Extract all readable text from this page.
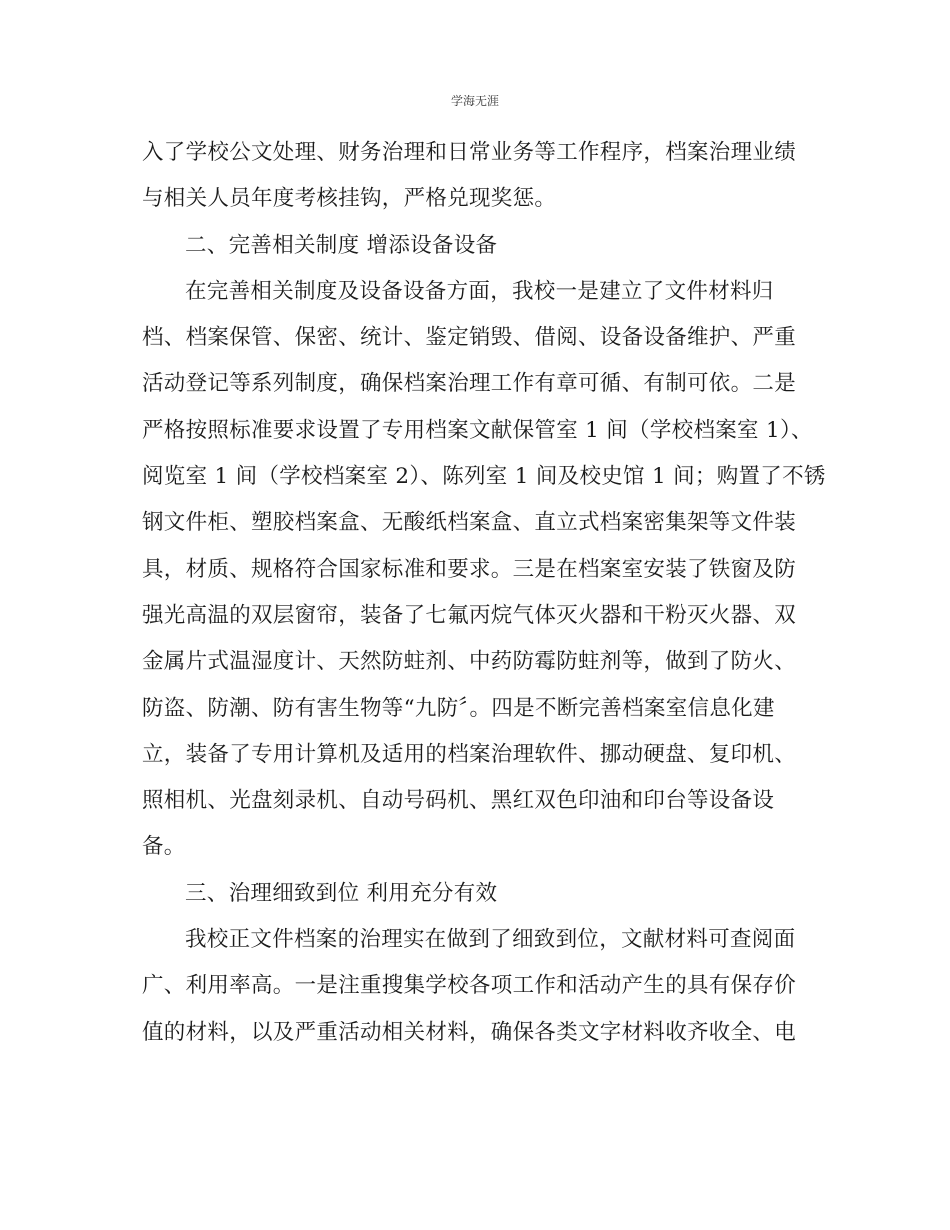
学海无涯
入了学校公文处理、财务治理和日常业务等工作程序，档案治理业绩
与相关人员年度考核挂钩，严格兑现奖惩。
二、完善相关制度 增添设备设备
在完善相关制度及设备设备方面，我校一是建立了文件材料归
档、档案保管、保密、统计、鉴定销毁、借阅、设备设备维护、严重
活动登记等系列制度，确保档案治理工作有章可循、有制可依。二是
严格按照标准要求设置了专用档案文献保管室 1 间（学校档案室 1）、
阅览室 1 间（学校档案室 2）、陈列室 1 间及校史馆 1 间；购置了不锈
钢文件柜、塑胶档案盒、无酸纸档案盒、直立式档案密集架等文件装
具，材质、规格符合国家标准和要求。三是在档案室安装了铁窗及防
强光高温的双层窗帘，装备了七氟丙烷气体灭火器和干粉灭火器、双
金属片式温湿度计、天然防蛀剂、中药防霉防蛀剂等，做到了防火、
防盗、防潮、防有害生物等“九防〞。四是不断完善档案室信息化建
立，装备了专用计算机及适用的档案治理软件、挪动硬盘、复印机、
照相机、光盘刻录机、自动号码机、黑红双色印油和印台等设备设
备。
三、治理细致到位 利用充分有效
我校正文件档案的治理实在做到了细致到位，文献材料可查阅面
广、利用率高。一是注重搜集学校各项工作和活动产生的具有保存价
值的材料，以及严重活动相关材料，确保各类文字材料收齐收全、电
